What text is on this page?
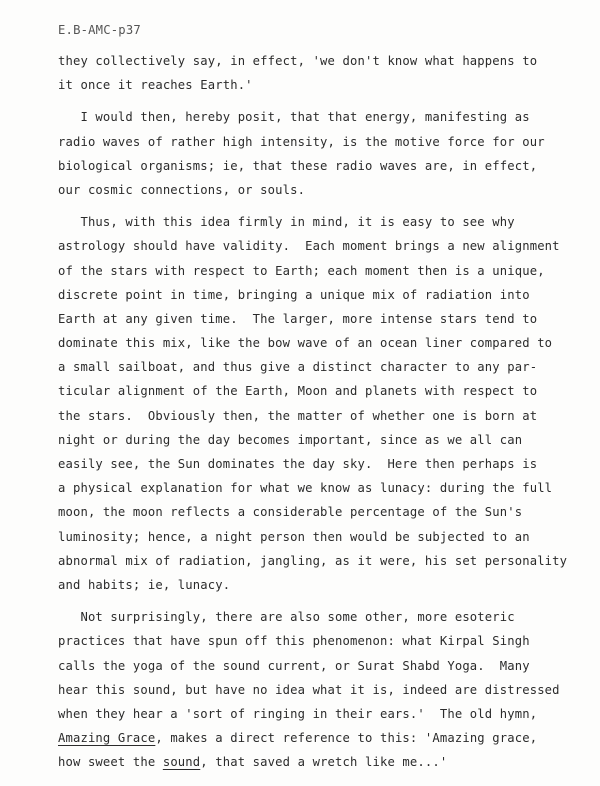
E.B-AMC-p37
they collectively say, in effect, 'we don't know what happens to
it once it reaches Earth.'
I would then, hereby posit, that that energy, manifesting as
radio waves of rather high intensity, is the motive force for our
biological organisms; ie, that these radio waves are, in effect,
our cosmic connections, or souls.
Thus, with this idea firmly in mind, it is easy to see why
astrology should have validity.  Each moment brings a new alignment
of the stars with respect to Earth; each moment then is a unique,
discrete point in time, bringing a unique mix of radiation into
Earth at any given time.  The larger, more intense stars tend to
dominate this mix, like the bow wave of an ocean liner compared to
a small sailboat, and thus give a distinct character to any par-
ticular alignment of the Earth, Moon and planets with respect to
the stars.  Obviously then, the matter of whether one is born at
night or during the day becomes important, since as we all can
easily see, the Sun dominates the day sky.  Here then perhaps is
a physical explanation for what we know as lunacy: during the full
moon, the moon reflects a considerable percentage of the Sun's
luminosity; hence, a night person then would be subjected to an
abnormal mix of radiation, jangling, as it were, his set personality
and habits; ie, lunacy.
Not surprisingly, there are also some other, more esoteric
practices that have spun off this phenomenon: what Kirpal Singh
calls the yoga of the sound current, or Surat Shabd Yoga.  Many
hear this sound, but have no idea what it is, indeed are distressed
when they hear a 'sort of ringing in their ears.'  The old hymn,
Amazing Grace, makes a direct reference to this: 'Amazing grace,
how sweet the sound, that saved a wretch like me...'
